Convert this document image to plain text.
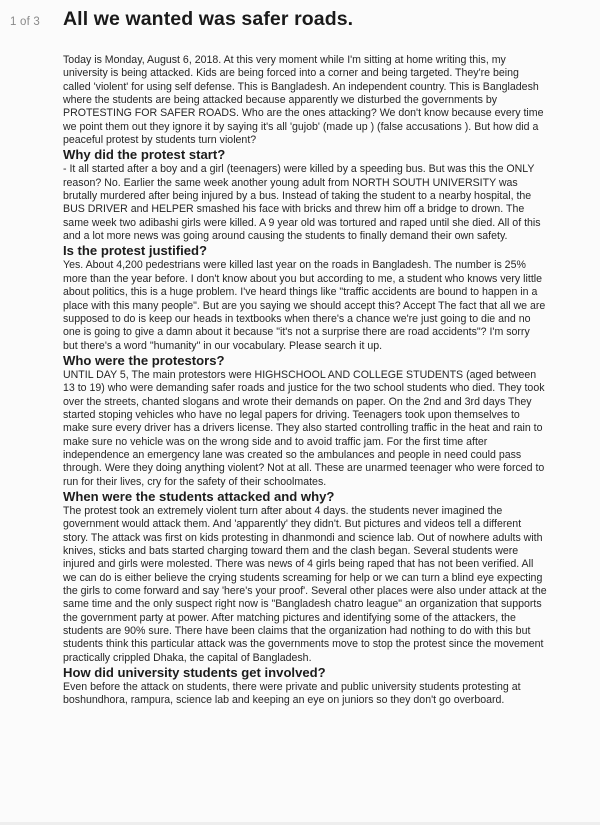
1 of 3 All we wanted was safer roads.

Today is Monday, August 6, 2018. At this very moment while I'm sitting at home writing this, my university is being attacked. Kids are being forced into a corner and being targeted. They're being called 'violent' for using self defense. This is Bangladesh. An independent country. This is Bangladesh where the students are being attacked because apparently we disturbed the governments by PROTESTING FOR SAFER ROADS. Who are the ones attacking? We don't know because every time we point them out they ignore it by saying it's all 'gujob' (made up ) (false accusations ). But how did a peaceful protest by students turn violent?

Why did the protest start?

- It all started after a boy and a girl (teenagers) were killed by a speeding bus. But was this the ONLY reason? No. Earlier the same week another young adult from NORTH SOUTH UNIVERSITY was brutally murdered after being injured by a bus. Instead of taking the student to a nearby hospital, the BUS DRIVER and HELPER smashed his face with bricks and threw him off a bridge to drown. The same week two adibashi girls were killed. A 9 year old was tortured and raped until she died. All of this and a lot more news was going around causing the students to finally demand their own safety.

Is the protest justified?

Yes. About 4,200 pedestrians were killed last year on the roads in Bangladesh. The number is 25% more than the year before. I don't know about you but according to me, a student who knows very little about politics, this is a huge problem. I've heard things like "traffic accidents are bound to happen in a place with this many people". But are you saying we should accept this? Accept The fact that all we are supposed to do is keep our heads in textbooks when there's a chance we're just going to die and no one is going to give a damn about it because "it's not a surprise there are road accidents"? I'm sorry but there's a word "humanity" in our vocabulary. Please search it up.

Who were the protestors?

UNTIL DAY 5, The main protestors were HIGHSCHOOL AND COLLEGE STUDENTS (aged between 13 to 19) who were demanding safer roads and justice for the two school students who died. They took over the streets, chanted slogans and wrote their demands on paper. On the 2nd and 3rd days They started stoping vehicles who have no legal papers for driving. Teenagers took upon themselves to make sure every driver has a drivers license. They also started controlling traffic in the heat and rain to make sure no vehicle was on the wrong side and to avoid traffic jam. For the first time after independence an emergency lane was created so the ambulances and people in need could pass through. Were they doing anything violent? Not at all. These are unarmed teenager who were forced to run for their lives, cry for the safety of their schoolmates.

When were the students attacked and why?

The protest took an extremely violent turn after about 4 days. the students never imagined the government would attack them. And 'apparently' they didn't. But pictures and videos tell a different story. The attack was first on kids protesting in dhanmondi and science lab. Out of nowhere adults with knives, sticks and bats started charging toward them and the clash began. Several students were injured and girls were molested. There was news of 4 girls being raped that has not been verified. All we can do is either believe the crying students screaming for help or we can turn a blind eye expecting the girls to come forward and say 'here's your proof'. Several other places were also under attack at the same time and the only suspect right now is "Bangladesh chatro league" an organization that supports the government party at power. After matching pictures and identifying some of the attackers, the students are 90% sure. There have been claims that the organization had nothing to do with this but students think this particular attack was the governments move to stop the protest since the movement practically crippled Dhaka, the capital of Bangladesh.

How did university students get involved?

Even before the attack on students, there were private and public university students protesting at boshundhora, rampura, science lab and keeping an eye on juniors so they don't go overboard.
